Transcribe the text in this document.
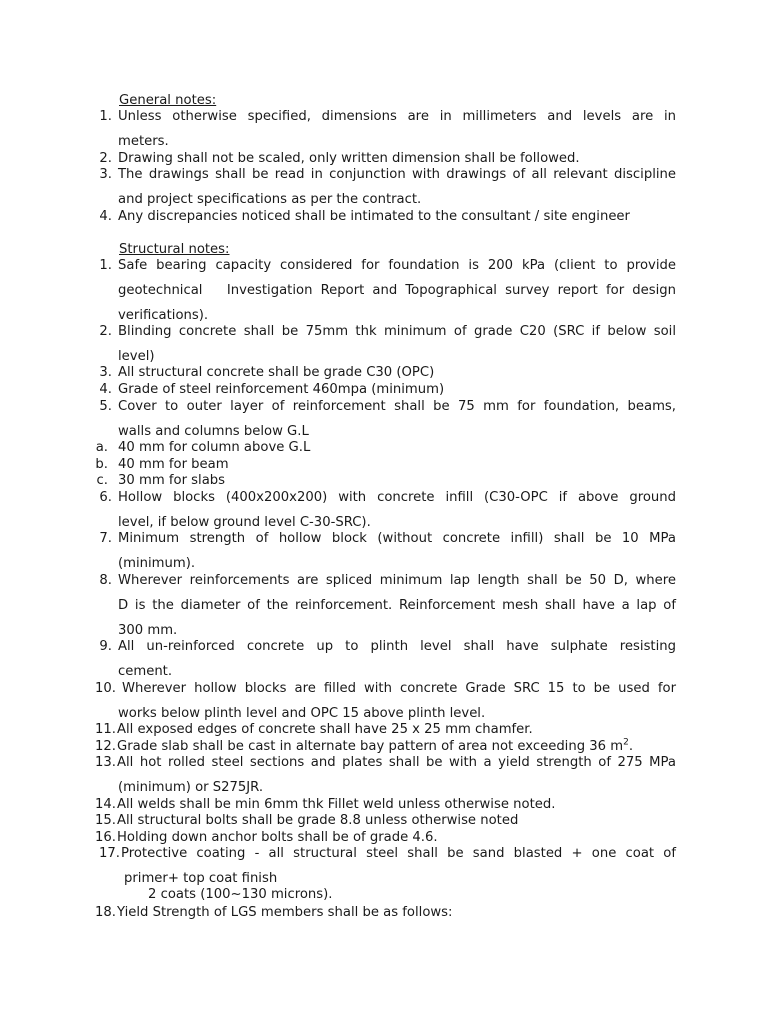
General notes:
1. Unless otherwise specified, dimensions are in millimeters and levels are in
meters.
2. Drawing shall not be scaled, only written dimension shall be followed.
3. The drawings shall be read in conjunction with drawings of all relevant discipline
and project specifications as per the contract.
4. Any discrepancies noticed shall be intimated to the consultant / site engineer
Structural notes:
1. Safe bearing capacity considered for foundation is 200 kPa (client to provide
geotechnical   Investigation Report and Topographical survey report for design
verifications).
2. Blinding concrete shall be 75mm thk minimum of grade C20 (SRC if below soil
level)
3. All structural concrete shall be grade C30 (OPC)
4. Grade of steel reinforcement 460mpa (minimum)
5. Cover to outer layer of reinforcement shall be 75 mm for foundation, beams,
walls and columns below G.L
a. 40 mm for column above G.L
b. 40 mm for beam
c. 30 mm for slabs
6. Hollow blocks (400x200x200) with concrete infill (C30-OPC if above ground
level, if below ground level C-30-SRC).
7. Minimum strength of hollow block (without concrete infill) shall be 10 MPa
(minimum).
8. Wherever reinforcements are spliced minimum lap length shall be 50 D, where
D is the diameter of the reinforcement. Reinforcement mesh shall have a lap of
300 mm.
9. All un-reinforced concrete up to plinth level shall have sulphate resisting
cement.
10. Wherever hollow blocks are filled with concrete Grade SRC 15 to be used for
works below plinth level and OPC 15 above plinth level.
11. All exposed edges of concrete shall have 25 x 25 mm chamfer.
12. Grade slab shall be cast in alternate bay pattern of area not exceeding 36 $m^2$.
13. All hot rolled steel sections and plates shall be with a yield strength of 275 MPa
(minimum) or S275JR.
14. All welds shall be min 6mm thk Fillet weld unless otherwise noted.
15. All structural bolts shall be grade 8.8 unless otherwise noted
16. Holding down anchor bolts shall be of grade 4.6.
17. Protective coating - all structural steel shall be sand blasted + one coat of
primer+ top coat finish
2 coats (100~130 microns).
18. Yield Strength of LGS members shall be as follows:
